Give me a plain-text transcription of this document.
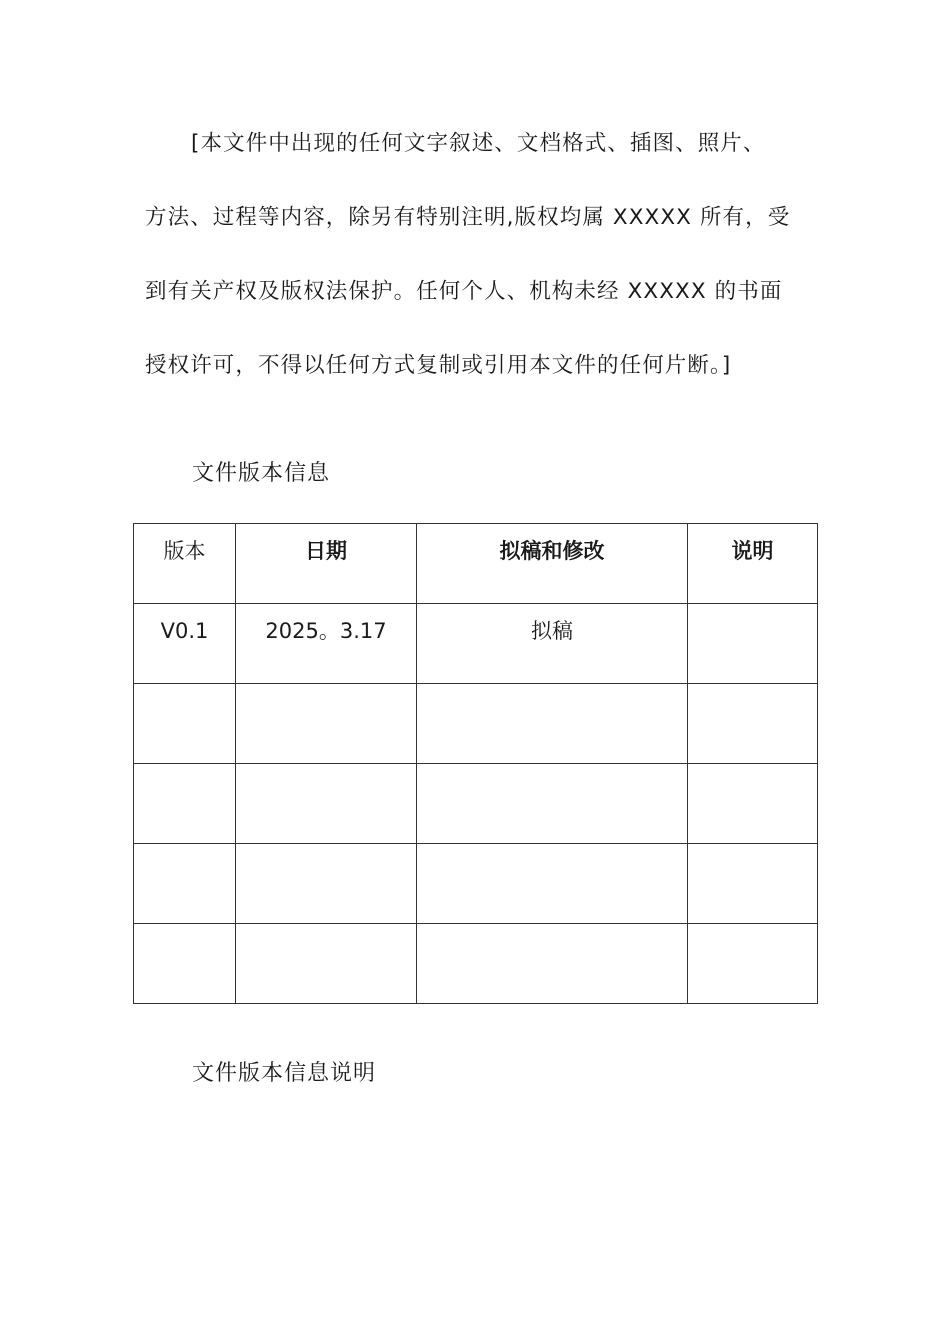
[本文件中出现的任何文字叙述、文档格式、插图、照片、
方法、过程等内容，除另有特别注明,版权均属 XXXXX 所有，受
到有关产权及版权法保护。任何个人、机构未经 XXXXX 的书面
授权许可，不得以任何方式复制或引用本文件的任何片断。]
文件版本信息
版本	日期	拟稿和修改	说明

V0.1	2025。3.17	拟稿	

文件版本信息说明
